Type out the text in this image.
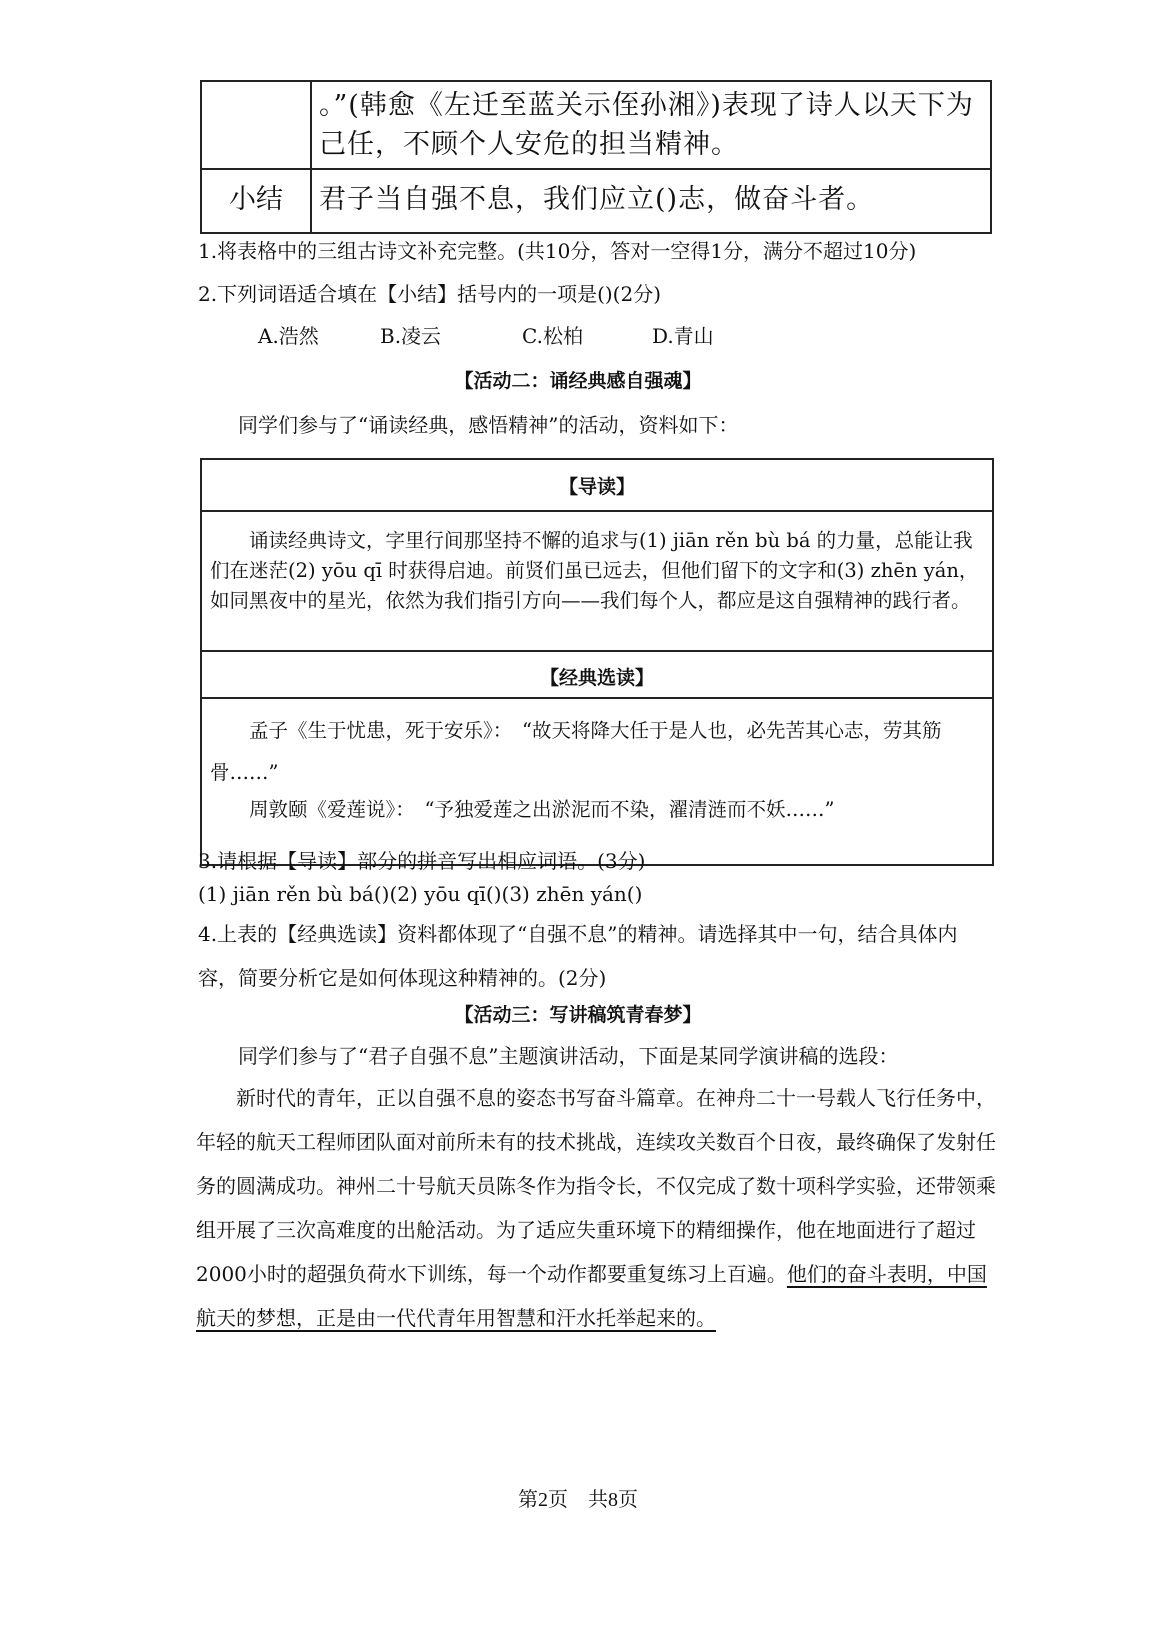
。”(韩愈《左迁至蓝关示侄孙湘》)表现了诗人以天下为己任，不顾个人安危的担当精神。
小结	君子当自强不息，我们应立()志，做奋斗者。
1.将表格中的三组古诗文补充完整。(共10分，答对一空得1分，满分不超过10分)
2.下列词语适合填在【小结】括号内的一项是()(2分)
A.浩然	B.凌云	C.松柏	D.青山
【活动二：诵经典感自强魂】
同学们参与了“诵读经典，感悟精神”的活动，资料如下：
【导读】
诵读经典诗文，字里行间那坚持不懈的追求与(1) jiān rěn bù bá 的力量，总能让我们在迷茫(2) yōu qī 时获得启迪。前贤们虽已远去，但他们留下的文字和(3) zhēn yán，如同黑夜中的星光，依然为我们指引方向——我们每个人，都应是这自强精神的践行者。
【经典选读】
孟子《生于忧患，死于安乐》：　“故天将降大任于是人也，必先苦其心志，劳其筋骨……”
周敦颐《爱莲说》：　“予独爱莲之出淤泥而不染，濯清涟而不妖……”
3.请根据【导读】部分的拼音写出相应词语。(3分)
(1) jiān rěn bù bá()(2) yōu qī()(3) zhēn yán()
4.上表的【经典选读】资料都体现了“自强不息”的精神。请选择其中一句，结合具体内容，简要分析它是如何体现这种精神的。(2分)
【活动三：写讲稿筑青春梦】
同学们参与了“君子自强不息”主题演讲活动，下面是某同学演讲稿的选段：
新时代的青年，正以自强不息的姿态书写奋斗篇章。在神舟二十一号载人飞行任务中，年轻的航天工程师团队面对前所未有的技术挑战，连续攻关数百个日夜，最终确保了发射任务的圆满成功。神州二十号航天员陈冬作为指令长，不仅完成了数十项科学实验，还带领乘组开展了三次高难度的出舱活动。为了适应失重环境下的精细操作，他在地面进行了超过2000小时的超强负荷水下训练，每一个动作都要重复练习上百遍。他们的奋斗表明，中国航天的梦想，正是由一代代青年用智慧和汗水托举起来的。
第2页　共8页
